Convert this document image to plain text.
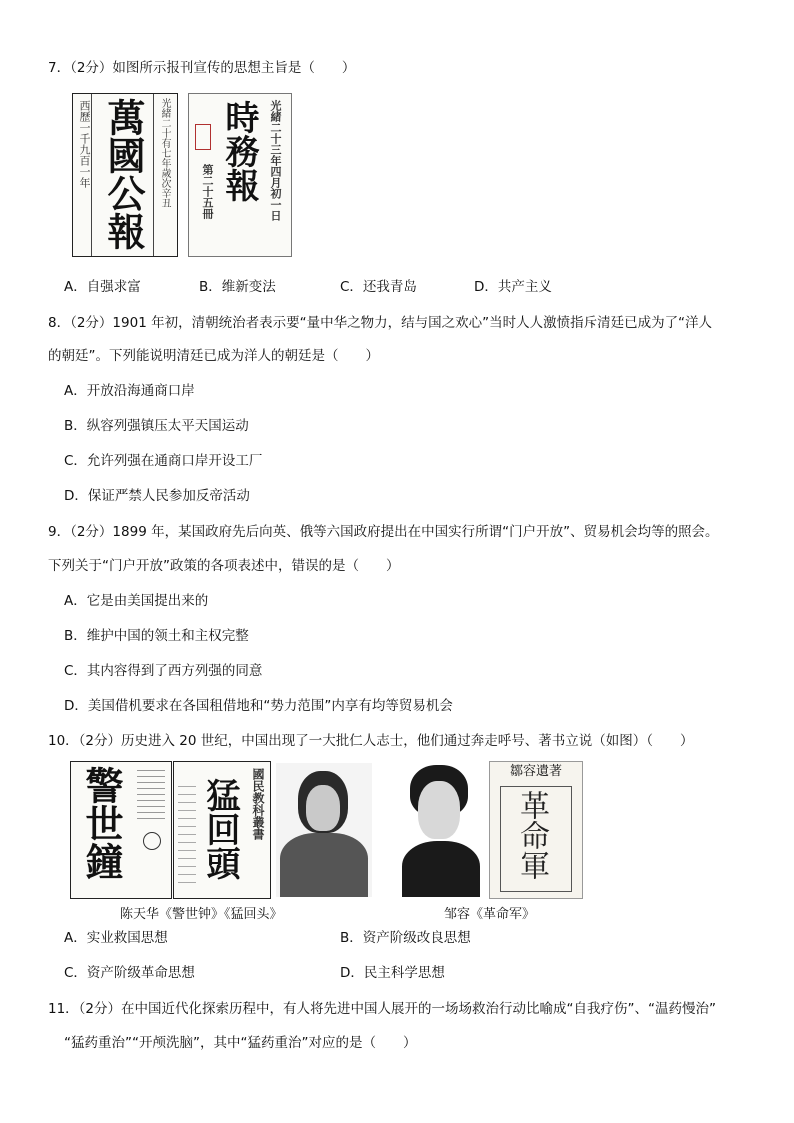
7．（2分）如图所示报刊宣传的思想主旨是（　　）
西歷一千九百一年 萬國公報 光緒二十有七年歲次辛丑	光緒二十三年四月初一日
時務報
第二十五冊
A．自强求富	B．维新变法	C．还我青岛	D．共产主义
8．（2分）1901 年初，清朝统治者表示要“量中华之物力，结与国之欢心”当时人人激愤指斥清廷已成为了“洋人
的朝廷”。下列能说明清廷已成为洋人的朝廷是（　　）
A．开放沿海通商口岸
B．纵容列强镇压太平天国运动
C．允许列强在通商口岸开设工厂
D．保证严禁人民参加反帝活动
9．（2分）1899 年，某国政府先后向英、俄等六国政府提出在中国实行所谓“门户开放”、贸易机会均等的照会。
下列关于“门户开放”政策的各项表述中，错误的是（　　）
A．它是由美国提出来的
B．维护中国的领土和主权完整
C．其内容得到了西方列强的同意
D．美国借机要求在各国租借地和“势力范围”内享有均等贸易机会
10．（2分）历史进入 20 世纪，中国出现了一大批仁人志士，他们通过奔走呼号、著书立说（如图）（　　）
警世鐘	國民教科叢書
猛回頭
鄒容遺著
革命軍
陈天华《警世钟》《猛回头》	邹容《革命军》
A．实业救国思想	B．资产阶级改良思想
C．资产阶级革命思想	D．民主科学思想
11．（2分）在中国近代化探索历程中，有人将先进中国人展开的一场场救治行动比喻成“自我疗伤”、“温药慢治”
“猛药重治”“开颅洗脑”，其中“猛药重治”对应的是（　　）
